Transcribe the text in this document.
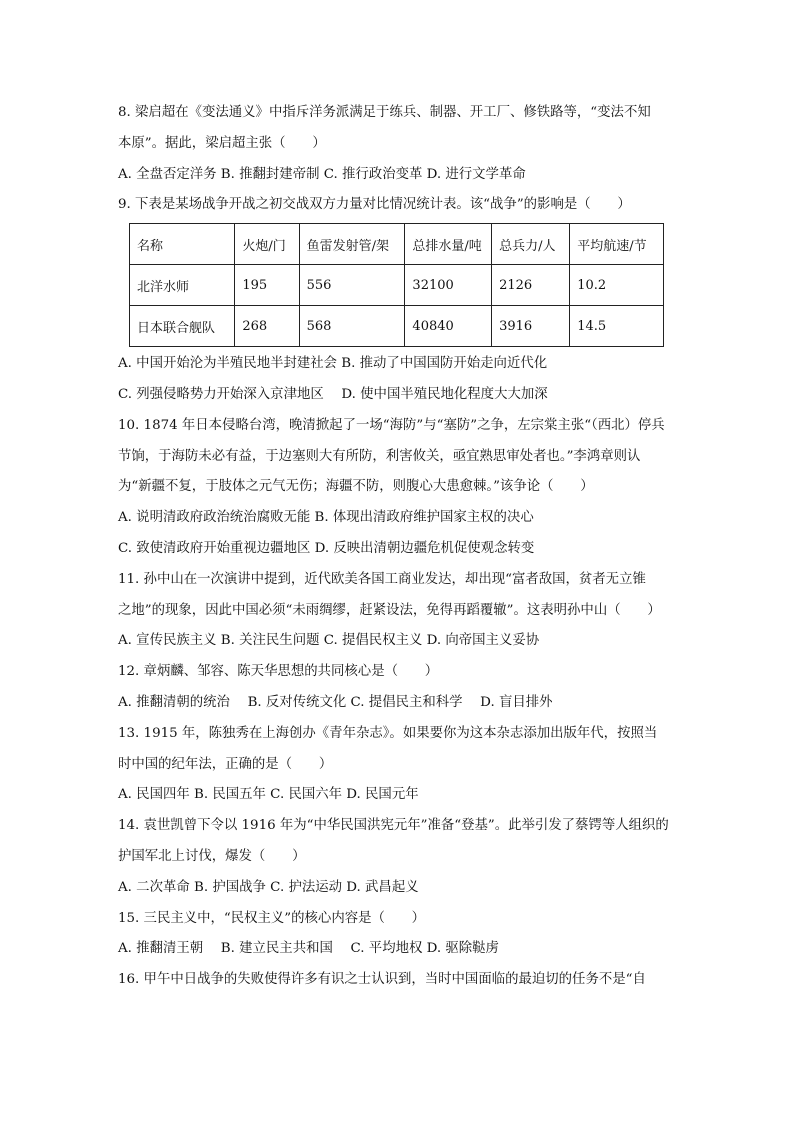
8. 梁启超在《变法通义》中指斥洋务派满足于练兵、制器、开工厂、修铁路等，“变法不知
本原”。据此，梁启超主张（　　）
A. 全盘否定洋务 B. 推翻封建帝制 C. 推行政治变革 D. 进行文学革命
9. 下表是某场战争开战之初交战双方力量对比情况统计表。该“战争”的影响是（　　）
名称	火炮/门	鱼雷发射管/架	总排水量/吨	总兵力/人	平均航速/节
北洋水师	195	556	32100	2126	10.2
日本联合舰队	268	568	40840	3916	14.5
A. 中国开始沦为半殖民地半封建社会 B. 推动了中国国防开始走向近代化
C. 列强侵略势力开始深入京津地区　 D. 使中国半殖民地化程度大大加深
10. 1874 年日本侵略台湾，晚清掀起了一场“海防”与“塞防”之争，左宗棠主张“（西北）停兵
节饷，于海防未必有益，于边塞则大有所防，利害攸关，亟宜熟思审处者也。”李鸿章则认
为“新疆不复，于肢体之元气无伤；海疆不防，则腹心大患愈棘。”该争论（　　）
A. 说明清政府政治统治腐败无能 B. 体现出清政府维护国家主权的决心
C. 致使清政府开始重视边疆地区 D. 反映出清朝边疆危机促使观念转变
11. 孙中山在一次演讲中提到，近代欧美各国工商业发达，却出现“富者敌国，贫者无立锥
之地”的现象，因此中国必须“未雨绸缪，赶紧设法，免得再蹈覆辙”。这表明孙中山（　　）
A. 宣传民族主义 B. 关注民生问题 C. 提倡民权主义 D. 向帝国主义妥协
12. 章炳麟、邹容、陈天华思想的共同核心是（　　）
A. 推翻清朝的统治　 B. 反对传统文化 C. 提倡民主和科学　 D. 盲目排外
13. 1915 年，陈独秀在上海创办《青年杂志》。如果要你为这本杂志添加出版年代，按照当
时中国的纪年法，正确的是（　　）
A. 民国四年 B. 民国五年 C. 民国六年 D. 民国元年
14. 袁世凯曾下令以 1916 年为“中华民国洪宪元年”准备“登基”。此举引发了蔡锷等人组织的
护国军北上讨伐，爆发（　　）
A. 二次革命 B. 护国战争 C. 护法运动 D. 武昌起义
15. 三民主义中，“民权主义”的核心内容是（　　）
A. 推翻清王朝　 B. 建立民主共和国　 C. 平均地权 D. 驱除鞑虏
16. 甲午中日战争的失败使得许多有识之士认识到，当时中国面临的最迫切的任务不是“自
